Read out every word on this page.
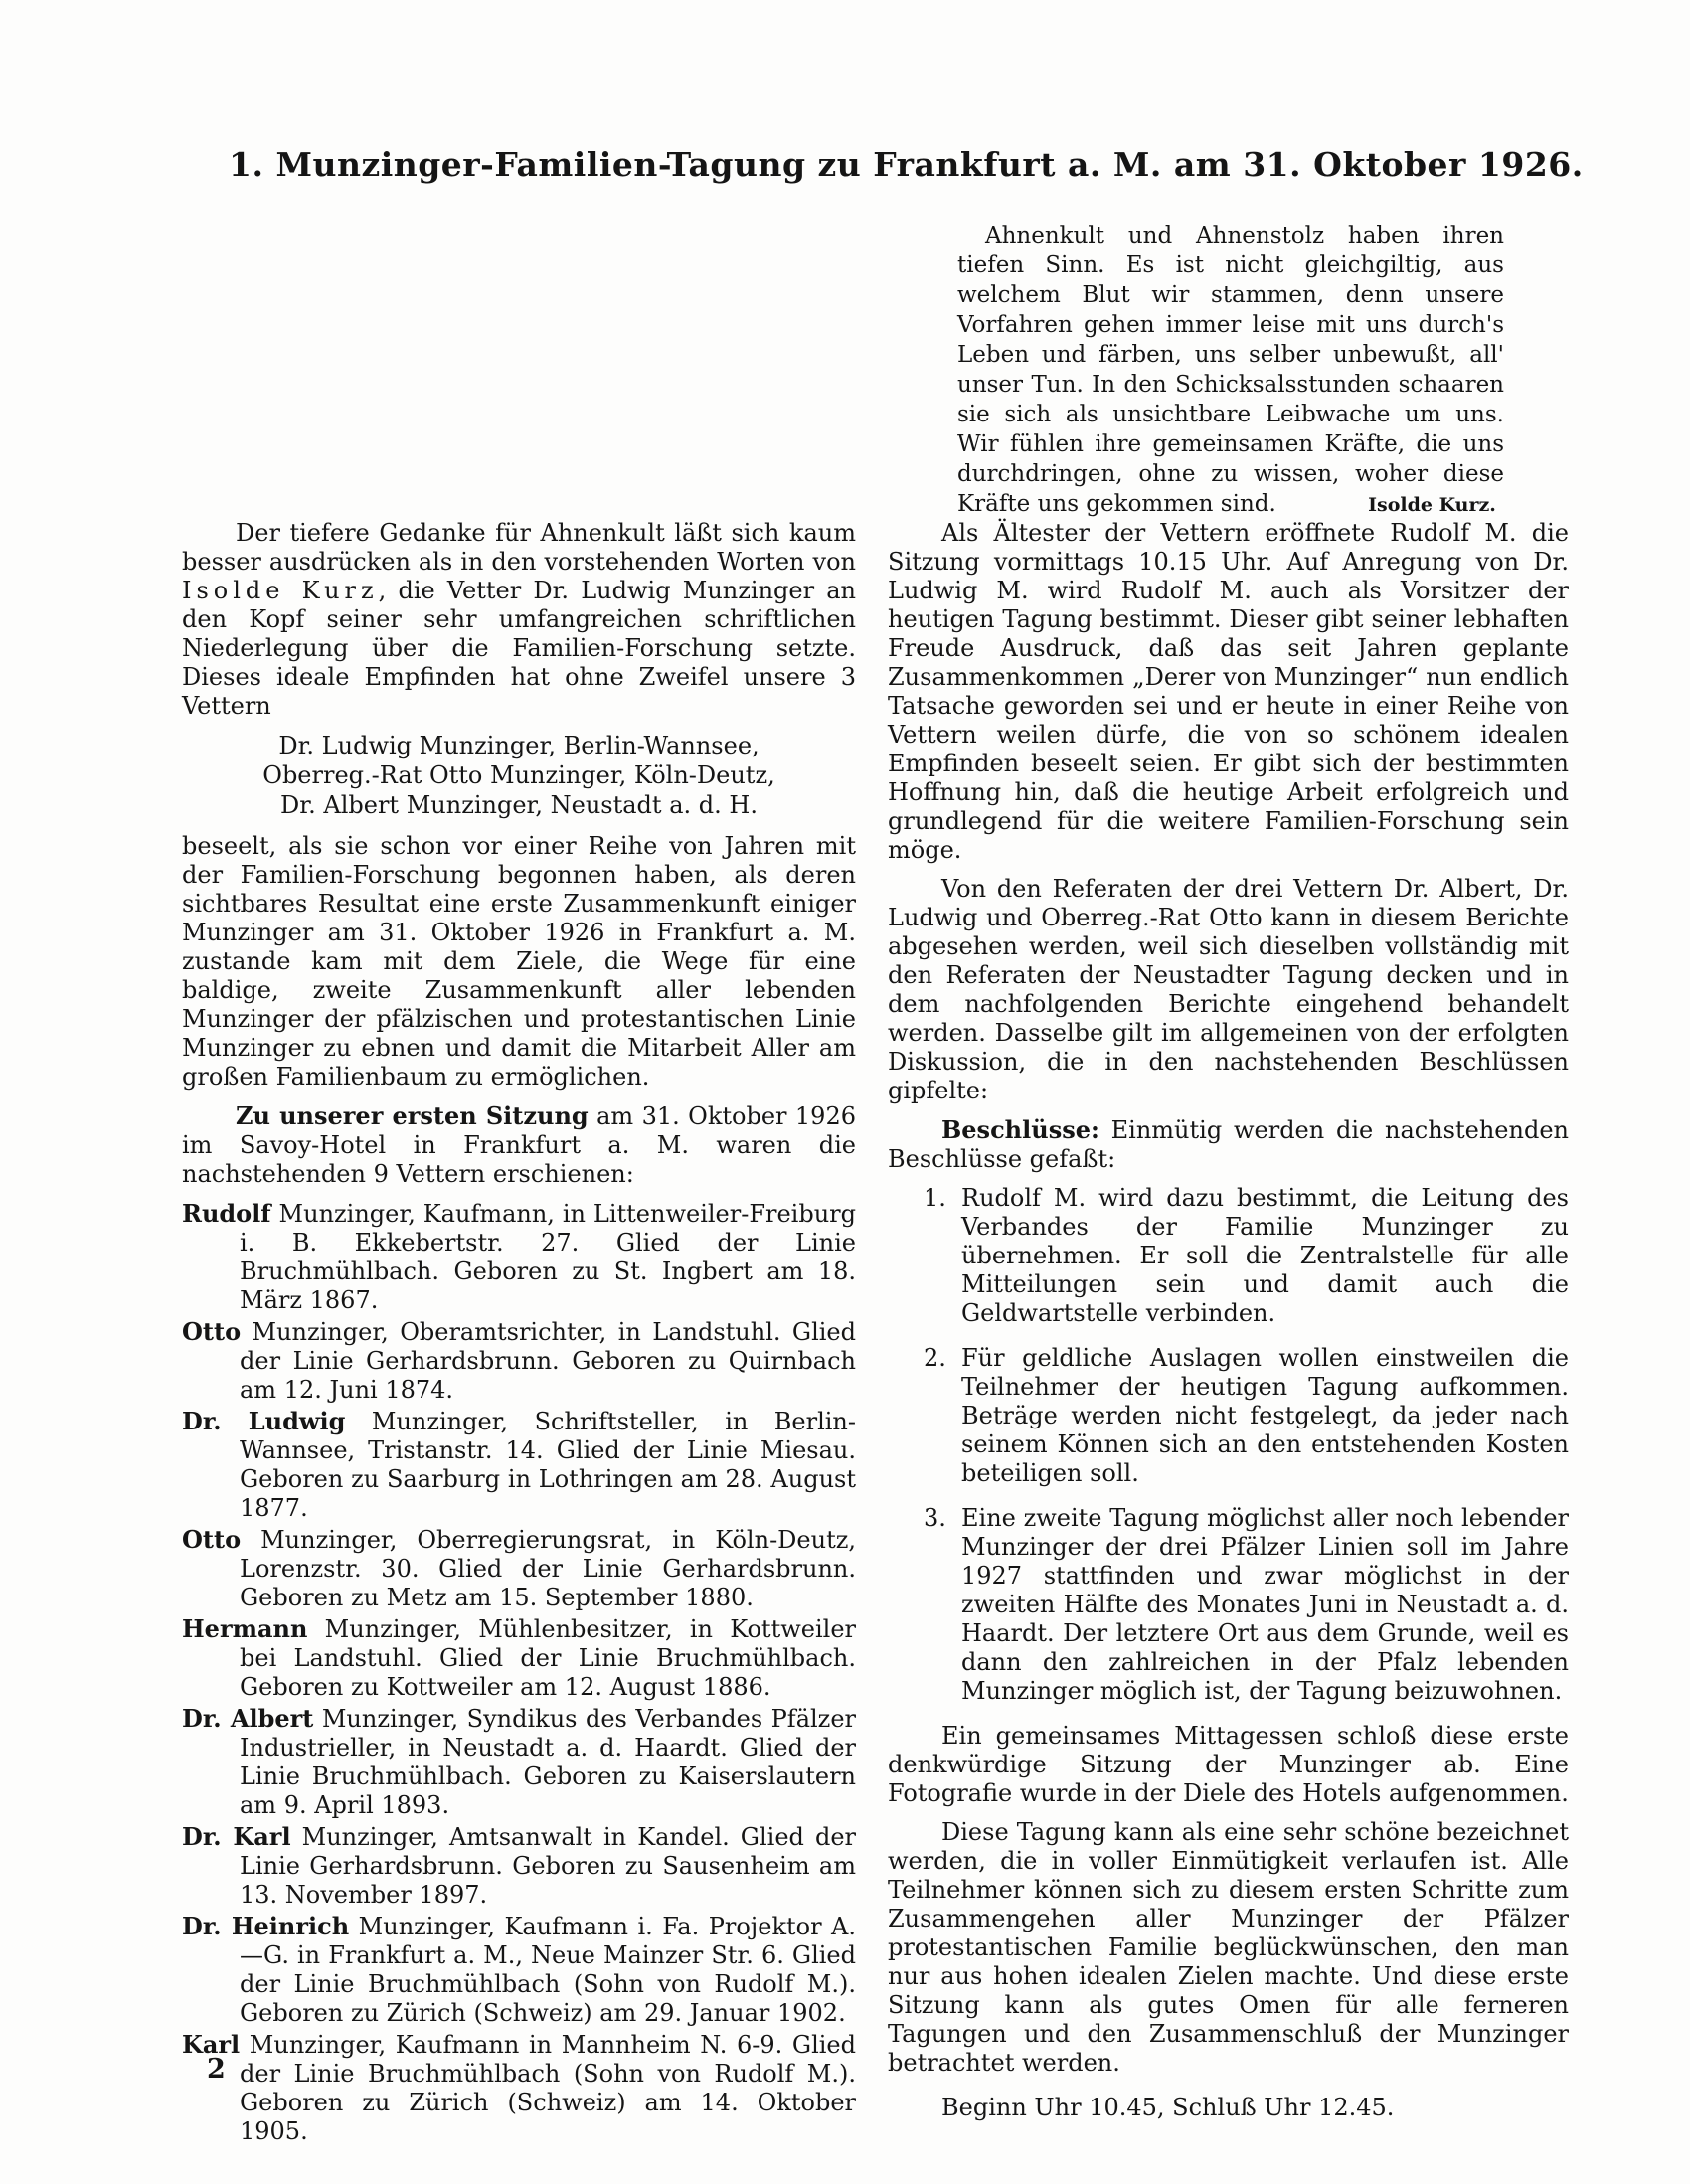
1. Munzinger-Familien-Tagung zu Frankfurt a. M. am 31. Oktober 1926.
Ahnenkult und Ahnenstolz haben ihren tiefen Sinn. Es ist nicht gleichgiltig, aus welchem Blut wir stammen, denn unsere Vorfahren gehen immer leise mit uns durch's Leben und färben, uns selber unbewußt, all' unser Tun. In den Schicksalsstunden schaaren sie sich als unsichtbare Leibwache um uns. Wir fühlen ihre gemeinsamen Kräfte, die uns durchdringen, ohne zu wissen, woher diese Kräfte uns gekommen sind.	Isolde Kurz.

Der tiefere Gedanke für Ahnenkult läßt sich kaum besser ausdrücken als in den vorstehenden Worten von Isolde Kurz, die Vetter Dr. Ludwig Munzinger an den Kopf seiner sehr umfangreichen schriftlichen Niederlegung über die Familien-Forschung setzte. Dieses ideale Empfinden hat ohne Zweifel unsere 3 Vettern

Dr. Ludwig Munzinger, Berlin-Wannsee,
Oberreg.-Rat Otto Munzinger, Köln-Deutz,
Dr. Albert Munzinger, Neustadt a. d. H.

beseelt, als sie schon vor einer Reihe von Jahren mit der Familien-Forschung begonnen haben, als deren sichtbares Resultat eine erste Zusammenkunft einiger Munzinger am 31. Oktober 1926 in Frankfurt a. M. zustande kam mit dem Ziele, die Wege für eine baldige, zweite Zusammenkunft aller lebenden Munzinger der pfälzischen und protestantischen Linie Munzinger zu ebnen und damit die Mitarbeit Aller am großen Familienbaum zu ermöglichen.

Zu unserer ersten Sitzung am 31. Oktober 1926 im Savoy-Hotel in Frankfurt a. M. waren die nachstehenden 9 Vettern erschienen:

Rudolf Munzinger, Kaufmann, in Littenweiler-Freiburg i. B. Ekkebertstr. 27. Glied der Linie Bruchmühlbach. Geboren zu St. Ingbert am 18. März 1867.

Otto Munzinger, Oberamtsrichter, in Landstuhl. Glied der Linie Gerhardsbrunn. Geboren zu Quirnbach am 12. Juni 1874.

Dr. Ludwig Munzinger, Schriftsteller, in Berlin-Wannsee, Tristanstr. 14. Glied der Linie Miesau. Geboren zu Saarburg in Lothringen am 28. August 1877.

Otto Munzinger, Oberregierungsrat, in Köln-Deutz, Lorenzstr. 30. Glied der Linie Gerhardsbrunn. Geboren zu Metz am 15. September 1880.

Hermann Munzinger, Mühlenbesitzer, in Kottweiler bei Landstuhl. Glied der Linie Bruchmühlbach. Geboren zu Kottweiler am 12. August 1886.

Dr. Albert Munzinger, Syndikus des Verbandes Pfälzer Industrieller, in Neustadt a. d. Haardt. Glied der Linie Bruchmühlbach. Geboren zu Kaiserslautern am 9. April 1893.

Dr. Karl Munzinger, Amtsanwalt in Kandel. Glied der Linie Gerhardsbrunn. Geboren zu Sausenheim am 13. November 1897.

Dr. Heinrich Munzinger, Kaufmann i. Fa. Projektor A.—G. in Frankfurt a. M., Neue Mainzer Str. 6. Glied der Linie Bruchmühlbach (Sohn von Rudolf M.). Geboren zu Zürich (Schweiz) am 29. Januar 1902.

Karl Munzinger, Kaufmann in Mannheim N. 6-9. Glied der Linie Bruchmühlbach (Sohn von Rudolf M.). Geboren zu Zürich (Schweiz) am 14. Oktober 1905.

Als Ältester der Vettern eröffnete Rudolf M. die Sitzung vormittags 10.15 Uhr. Auf Anregung von Dr. Ludwig M. wird Rudolf M. auch als Vorsitzer der heutigen Tagung bestimmt. Dieser gibt seiner lebhaften Freude Ausdruck, daß das seit Jahren geplante Zusammenkommen „Derer von Munzinger“ nun endlich Tatsache geworden sei und er heute in einer Reihe von Vettern weilen dürfe, die von so schönem idealen Empfinden beseelt seien. Er gibt sich der bestimmten Hoffnung hin, daß die heutige Arbeit erfolgreich und grundlegend für die weitere Familien-Forschung sein möge.

Von den Referaten der drei Vettern Dr. Albert, Dr. Ludwig und Oberreg.-Rat Otto kann in diesem Berichte abgesehen werden, weil sich dieselben vollständig mit den Referaten der Neustadter Tagung decken und in dem nachfolgenden Berichte eingehend behandelt werden. Dasselbe gilt im allgemeinen von der erfolgten Diskussion, die in den nachstehenden Beschlüssen gipfelte:

Beschlüsse: Einmütig werden die nachstehenden Beschlüsse gefaßt:

1. Rudolf M. wird dazu bestimmt, die Leitung des Verbandes der Familie Munzinger zu übernehmen. Er soll die Zentralstelle für alle Mitteilungen sein und damit auch die Geldwartstelle verbinden.
2. Für geldliche Auslagen wollen einstweilen die Teilnehmer der heutigen Tagung aufkommen. Beträge werden nicht festgelegt, da jeder nach seinem Können sich an den entstehenden Kosten beteiligen soll.
3. Eine zweite Tagung möglichst aller noch lebender Munzinger der drei Pfälzer Linien soll im Jahre 1927 stattfinden und zwar möglichst in der zweiten Hälfte des Monates Juni in Neustadt a. d. Haardt. Der letztere Ort aus dem Grunde, weil es dann den zahlreichen in der Pfalz lebenden Munzinger möglich ist, der Tagung beizuwohnen.

Ein gemeinsames Mittagessen schloß diese erste denkwürdige Sitzung der Munzinger ab. Eine Fotografie wurde in der Diele des Hotels aufgenommen.

Diese Tagung kann als eine sehr schöne bezeichnet werden, die in voller Einmütigkeit verlaufen ist. Alle Teilnehmer können sich zu diesem ersten Schritte zum Zusammengehen aller Munzinger der Pfälzer protestantischen Familie beglückwünschen, den man nur aus hohen idealen Zielen machte. Und diese erste Sitzung kann als gutes Omen für alle ferneren Tagungen und den Zusammenschluß der Munzinger betrachtet werden.

Beginn Uhr 10.45, Schluß Uhr 12.45.

2
